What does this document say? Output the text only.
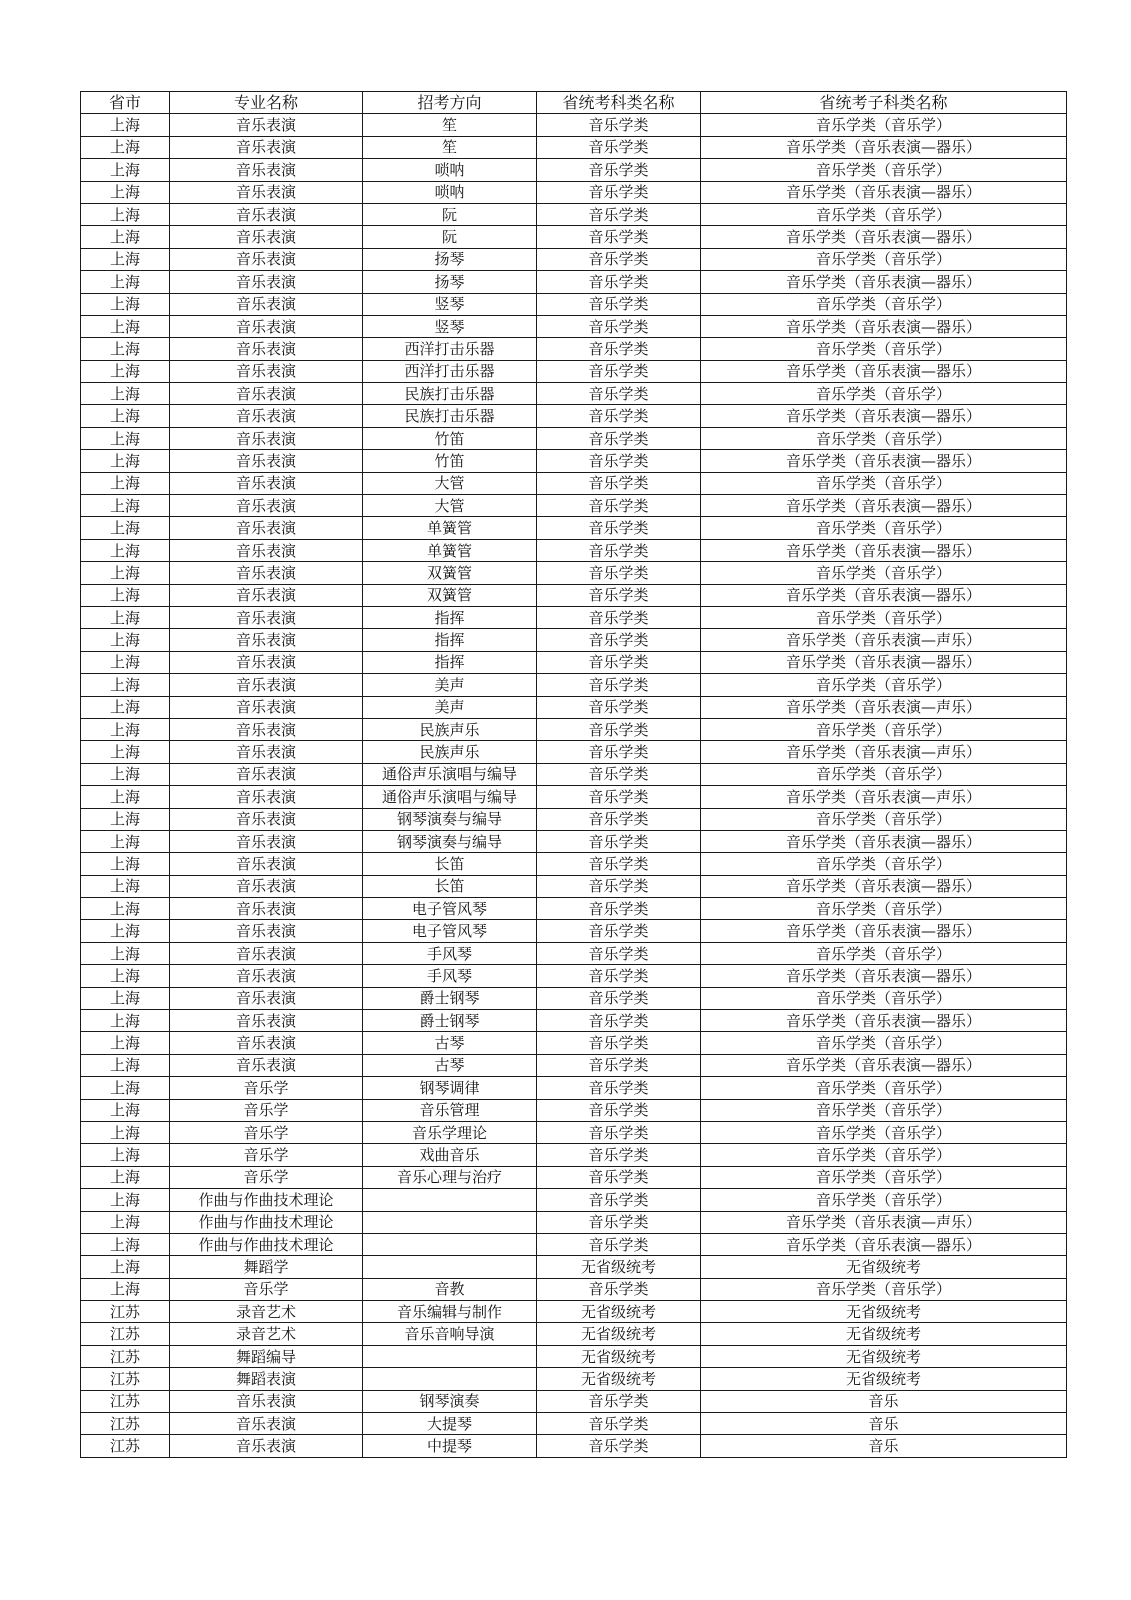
省市	专业名称	招考方向	省统考科类名称	省统考子科类名称
上海	音乐表演	笙	音乐学类	音乐学类（音乐学）
上海	音乐表演	笙	音乐学类	音乐学类（音乐表演—器乐）
上海	音乐表演	唢呐	音乐学类	音乐学类（音乐学）
上海	音乐表演	唢呐	音乐学类	音乐学类（音乐表演—器乐）
上海	音乐表演	阮	音乐学类	音乐学类（音乐学）
上海	音乐表演	阮	音乐学类	音乐学类（音乐表演—器乐）
上海	音乐表演	扬琴	音乐学类	音乐学类（音乐学）
上海	音乐表演	扬琴	音乐学类	音乐学类（音乐表演—器乐）
上海	音乐表演	竖琴	音乐学类	音乐学类（音乐学）
上海	音乐表演	竖琴	音乐学类	音乐学类（音乐表演—器乐）
上海	音乐表演	西洋打击乐器	音乐学类	音乐学类（音乐学）
上海	音乐表演	西洋打击乐器	音乐学类	音乐学类（音乐表演—器乐）
上海	音乐表演	民族打击乐器	音乐学类	音乐学类（音乐学）
上海	音乐表演	民族打击乐器	音乐学类	音乐学类（音乐表演—器乐）
上海	音乐表演	竹笛	音乐学类	音乐学类（音乐学）
上海	音乐表演	竹笛	音乐学类	音乐学类（音乐表演—器乐）
上海	音乐表演	大管	音乐学类	音乐学类（音乐学）
上海	音乐表演	大管	音乐学类	音乐学类（音乐表演—器乐）
上海	音乐表演	单簧管	音乐学类	音乐学类（音乐学）
上海	音乐表演	单簧管	音乐学类	音乐学类（音乐表演—器乐）
上海	音乐表演	双簧管	音乐学类	音乐学类（音乐学）
上海	音乐表演	双簧管	音乐学类	音乐学类（音乐表演—器乐）
上海	音乐表演	指挥	音乐学类	音乐学类（音乐学）
上海	音乐表演	指挥	音乐学类	音乐学类（音乐表演—声乐）
上海	音乐表演	指挥	音乐学类	音乐学类（音乐表演—器乐）
上海	音乐表演	美声	音乐学类	音乐学类（音乐学）
上海	音乐表演	美声	音乐学类	音乐学类（音乐表演—声乐）
上海	音乐表演	民族声乐	音乐学类	音乐学类（音乐学）
上海	音乐表演	民族声乐	音乐学类	音乐学类（音乐表演—声乐）
上海	音乐表演	通俗声乐演唱与编导	音乐学类	音乐学类（音乐学）
上海	音乐表演	通俗声乐演唱与编导	音乐学类	音乐学类（音乐表演—声乐）
上海	音乐表演	钢琴演奏与编导	音乐学类	音乐学类（音乐学）
上海	音乐表演	钢琴演奏与编导	音乐学类	音乐学类（音乐表演—器乐）
上海	音乐表演	长笛	音乐学类	音乐学类（音乐学）
上海	音乐表演	长笛	音乐学类	音乐学类（音乐表演—器乐）
上海	音乐表演	电子管风琴	音乐学类	音乐学类（音乐学）
上海	音乐表演	电子管风琴	音乐学类	音乐学类（音乐表演—器乐）
上海	音乐表演	手风琴	音乐学类	音乐学类（音乐学）
上海	音乐表演	手风琴	音乐学类	音乐学类（音乐表演—器乐）
上海	音乐表演	爵士钢琴	音乐学类	音乐学类（音乐学）
上海	音乐表演	爵士钢琴	音乐学类	音乐学类（音乐表演—器乐）
上海	音乐表演	古琴	音乐学类	音乐学类（音乐学）
上海	音乐表演	古琴	音乐学类	音乐学类（音乐表演—器乐）
上海	音乐学	钢琴调律	音乐学类	音乐学类（音乐学）
上海	音乐学	音乐管理	音乐学类	音乐学类（音乐学）
上海	音乐学	音乐学理论	音乐学类	音乐学类（音乐学）
上海	音乐学	戏曲音乐	音乐学类	音乐学类（音乐学）
上海	音乐学	音乐心理与治疗	音乐学类	音乐学类（音乐学）
上海	作曲与作曲技术理论		音乐学类	音乐学类（音乐学）
上海	作曲与作曲技术理论		音乐学类	音乐学类（音乐表演—声乐）
上海	作曲与作曲技术理论		音乐学类	音乐学类（音乐表演—器乐）
上海	舞蹈学		无省级统考	无省级统考
上海	音乐学	音教	音乐学类	音乐学类（音乐学）
江苏	录音艺术	音乐编辑与制作	无省级统考	无省级统考
江苏	录音艺术	音乐音响导演	无省级统考	无省级统考
江苏	舞蹈编导		无省级统考	无省级统考
江苏	舞蹈表演		无省级统考	无省级统考
江苏	音乐表演	钢琴演奏	音乐学类	音乐
江苏	音乐表演	大提琴	音乐学类	音乐
江苏	音乐表演	中提琴	音乐学类	音乐
